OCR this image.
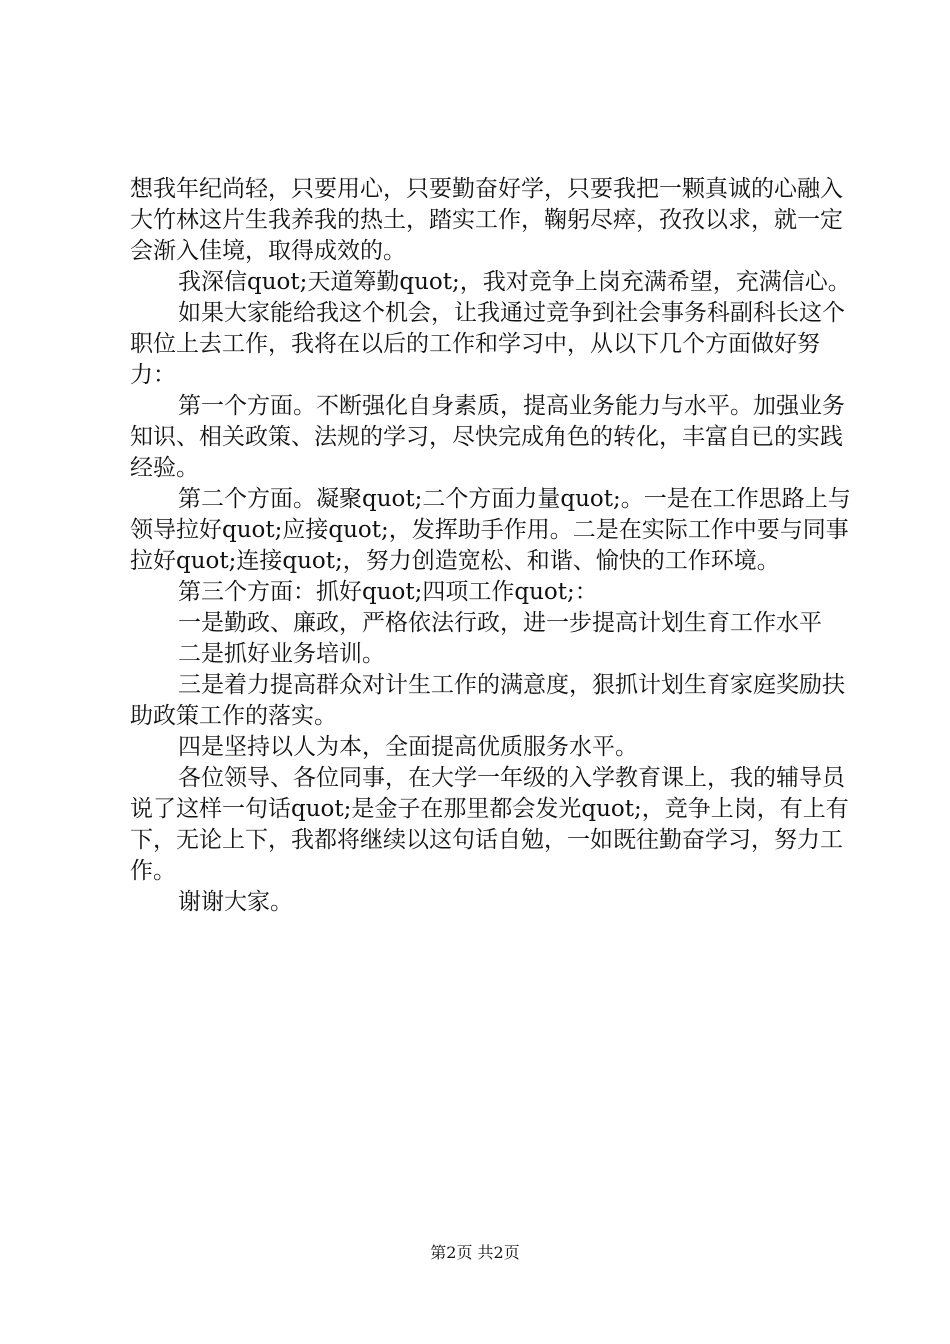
想我年纪尚轻，只要用心，只要勤奋好学，只要我把一颗真诚的心融入大竹林这片生我养我的热土，踏实工作，鞠躬尽瘁，孜孜以求，就一定会渐入佳境，取得成效的。

我深信quot;天道筹勤quot;，我对竞争上岗充满希望，充满信心。

如果大家能给我这个机会，让我通过竞争到社会事务科副科长这个职位上去工作，我将在以后的工作和学习中，从以下几个方面做好努力：

第一个方面。不断强化自身素质，提高业务能力与水平。加强业务知识、相关政策、法规的学习，尽快完成角色的转化，丰富自已的实践经验。

第二个方面。凝聚quot;二个方面力量quot;。一是在工作思路上与领导拉好quot;应接quot;，发挥助手作用。二是在实际工作中要与同事拉好quot;连接quot;，努力创造宽松、和谐、愉快的工作环境。

第三个方面：抓好quot;四项工作quot;：

一是勤政、廉政，严格依法行政，进一步提高计划生育工作水平

二是抓好业务培训。

三是着力提高群众对计生工作的满意度，狠抓计划生育家庭奖励扶助政策工作的落实。

四是坚持以人为本，全面提高优质服务水平。

各位领导、各位同事，在大学一年级的入学教育课上，我的辅导员说了这样一句话quot;是金子在那里都会发光quot;，竞争上岗，有上有下，无论上下，我都将继续以这句话自勉，一如既往勤奋学习，努力工作。

谢谢大家。

第2页 共2页
